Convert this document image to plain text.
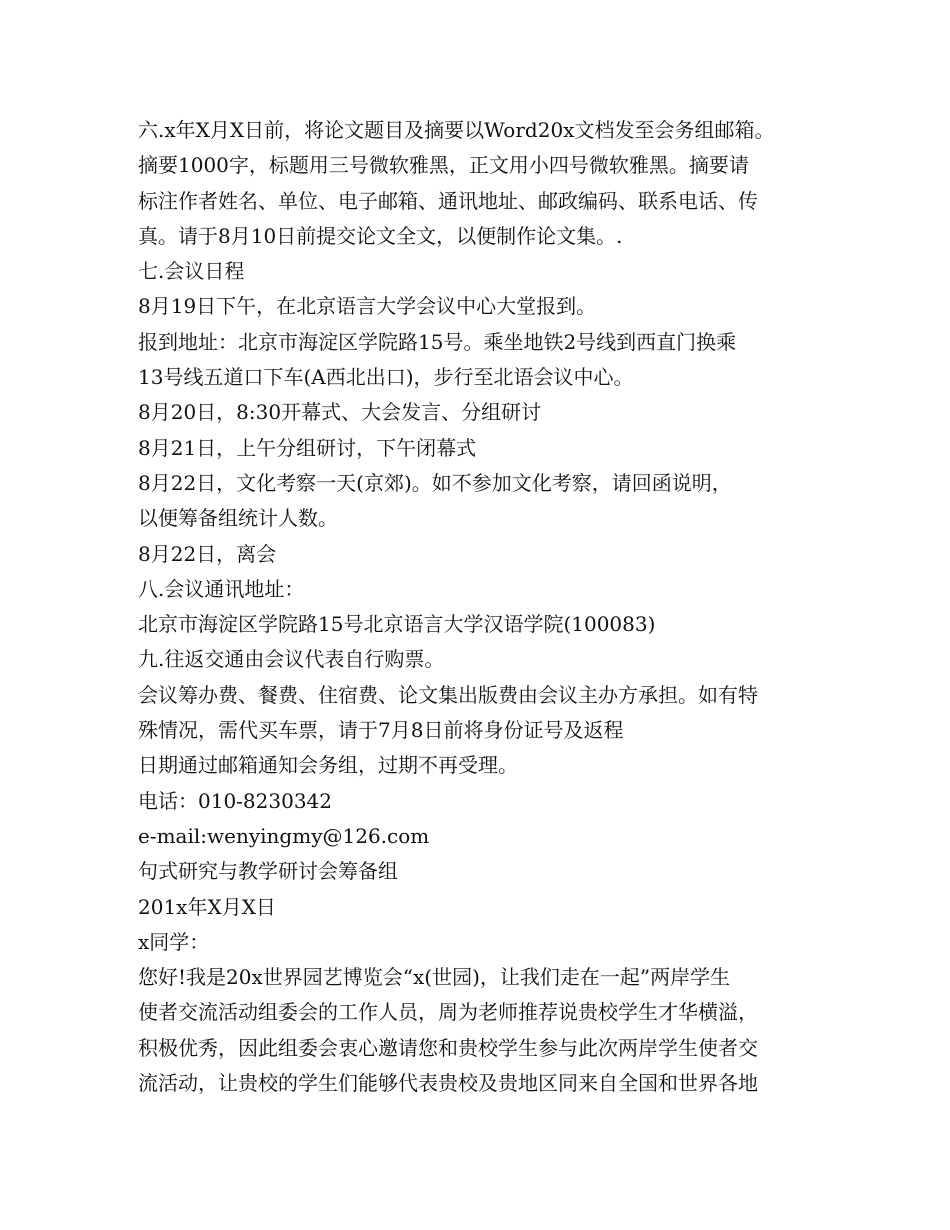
六.x年X月X日前，将论文题目及摘要以Word20x文档发至会务组邮箱。
摘要1000字，标题用三号微软雅黑，正文用小四号微软雅黑。摘要请
标注作者姓名、单位、电子邮箱、通讯地址、邮政编码、联系电话、传
真。请于8月10日前提交论文全文，以便制作论文集。.
七.会议日程
8月19日下午，在北京语言大学会议中心大堂报到。
报到地址：北京市海淀区学院路15号。乘坐地铁2号线到西直门换乘
13号线五道口下车(A西北出口)，步行至北语会议中心。
8月20日，8:30开幕式、大会发言、分组研讨
8月21日，上午分组研讨，下午闭幕式
8月22日，文化考察一天(京郊)。如不参加文化考察，请回函说明，
以便筹备组统计人数。
8月22日，离会
八.会议通讯地址：
北京市海淀区学院路15号北京语言大学汉语学院(100083)
九.往返交通由会议代表自行购票。
会议筹办费、餐费、住宿费、论文集出版费由会议主办方承担。如有特
殊情况，需代买车票，请于7月8日前将身份证号及返程
日期通过邮箱通知会务组，过期不再受理。
电话：010-8230342
e-mail:wenyingmy@126.com
句式研究与教学研讨会筹备组
201x年X月X日
x同学：
您好!我是20x世界园艺博览会“x(世园)，让我们走在一起”两岸学生
使者交流活动组委会的工作人员，周为老师推荐说贵校学生才华横溢，
积极优秀，因此组委会衷心邀请您和贵校学生参与此次两岸学生使者交
流活动，让贵校的学生们能够代表贵校及贵地区同来自全国和世界各地
